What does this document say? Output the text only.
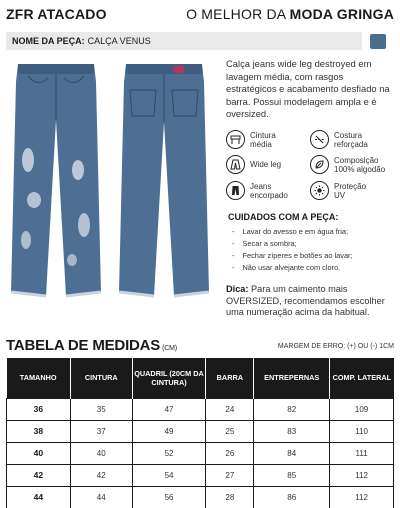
ZFR ATACADO	O MELHOR DA MODA GRINGA
NOME DA PEÇA: CALÇA VENUS
Calça jeans wide leg destroyed em lavagem média, com rasgos estratégicos e acabamento desfiado na barra. Possui modelagem ampla e é oversized.
Cintura
média
Costura
reforçada
Wide leg	Composição
100% algodão
Jeans
encorpado
Proteção
UV
CUIDADOS COM A PEÇA:
- Lavar do avesso e em água fria;
- Secar a sombra;
- Fechar zíperes e botões ao lavar;
- Não usar alvejante com cloro.
Dica: Para um caimento mais OVERSIZED, recomendamos escolher uma numeração acima da habitual.
TABELA DE MEDIDAS (CM)	MARGEM DE ERRO: (+) OU (-) 1CM
TAMANHO	CINTURA	QUADRIL (20CM DA CINTURA)	BARRA	ENTREPERNAS	COMP. LATERAL
36	35	47	24	82	109
38	37	49	25	83	110
40	40	52	26	84	111
42	42	54	27	85	112
44	44	56	28	86	112
